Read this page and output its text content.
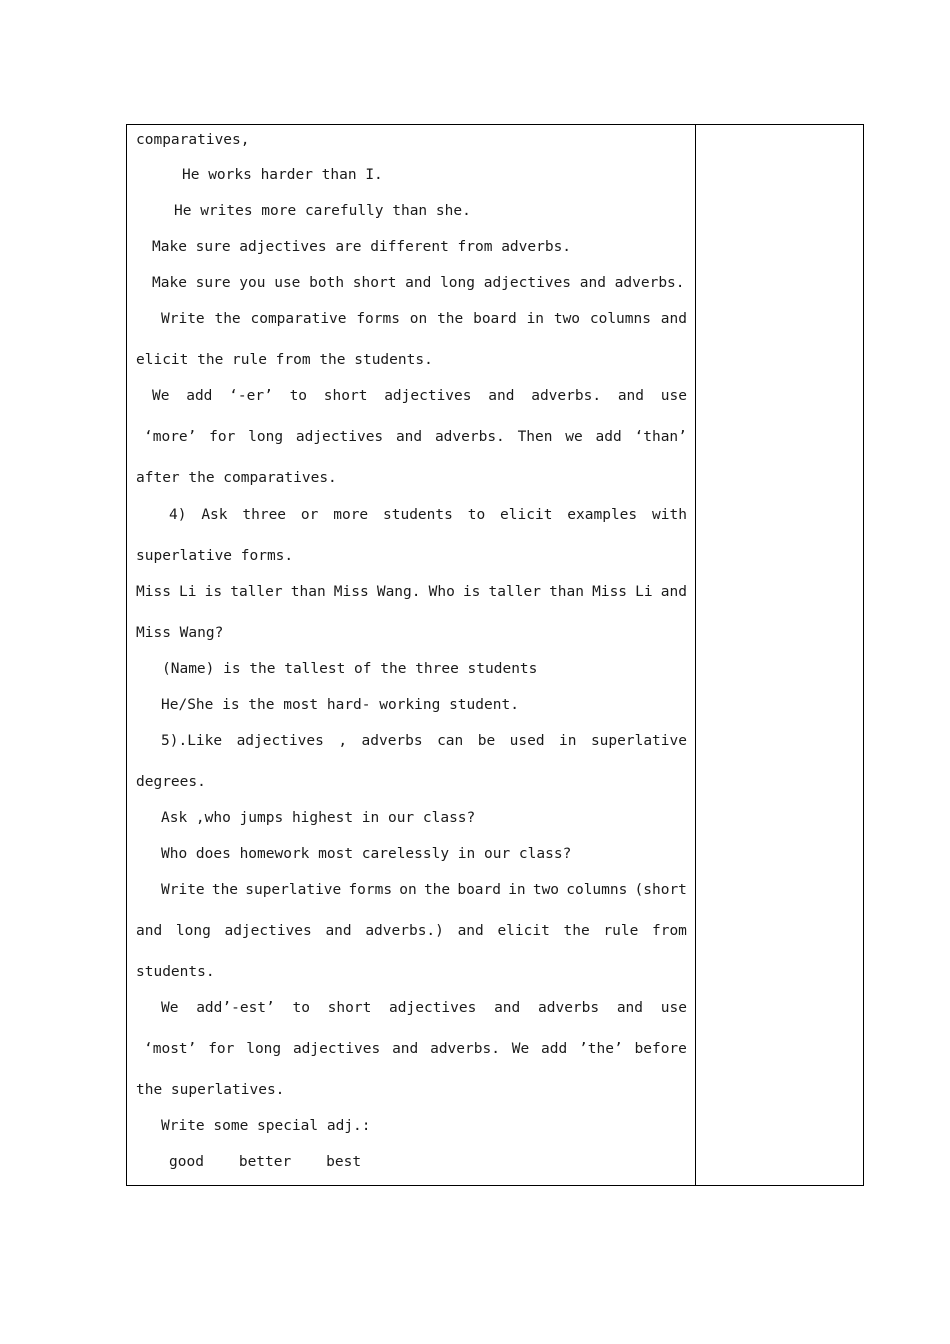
comparatives,
He works harder than I.
He writes more carefully than she.
Make sure adjectives are different from adverbs.
Make sure you use both short and long adjectives and adverbs.
Write the comparative forms on the board in two columns and
elicit the rule from the students.
We add ‘-er’ to short adjectives and adverbs. and use
‘more’ for long adjectives and adverbs. Then we add ‘than’
after the comparatives.
4) Ask three or more students to elicit examples with
superlative forms.
Miss Li is taller than Miss Wang. Who is taller than Miss Li and
Miss Wang?
(Name) is the tallest of the three students
He/She is the most hard- working student.
5).Like adjectives , adverbs can be used in superlative
degrees.
Ask ,who jumps highest in our class?
Who does homework most carelessly in our class?
Write the superlative forms on the board in two columns (short
and long adjectives and adverbs.) and elicit the rule from
students.
We add’-est’ to short adjectives and adverbs and use
‘most’ for long adjectives and adverbs. We add ’the’ before
the superlatives.
Write some special adj.:
good    better    best
